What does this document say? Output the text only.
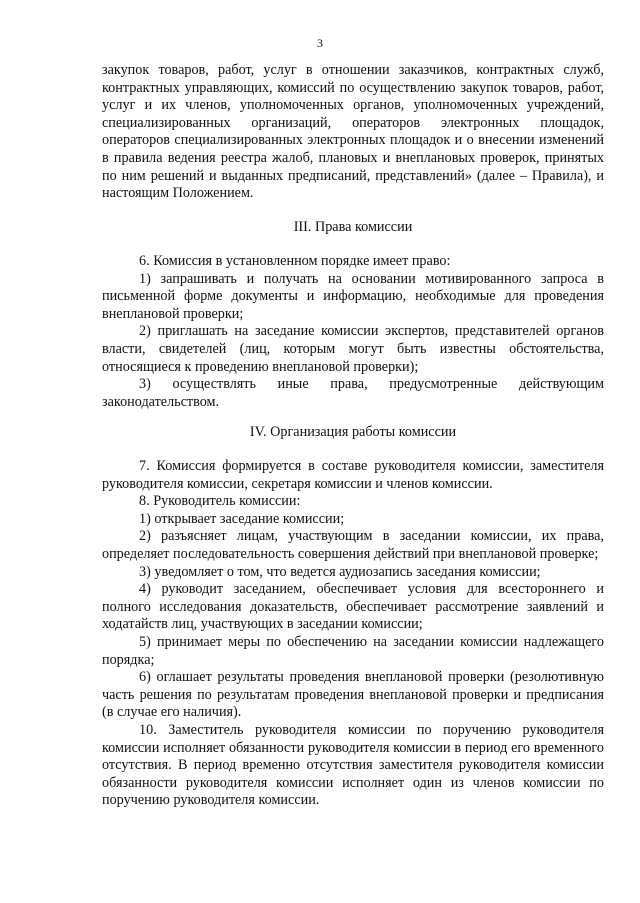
3

закупок товаров, работ, услуг в отношении заказчиков, контрактных служб, контрактных управляющих, комиссий по осуществлению закупок товаров, работ, услуг и их членов, уполномоченных органов, уполномоченных учреждений, специализированных организаций, операторов электронных площадок, операторов специализированных электронных площадок и о внесении изменений в правила ведения реестра жалоб, плановых и внеплановых проверок, принятых по ним решений и выданных предписаний, представлений» (далее – Правила), и настоящим Положением.

III. Права комиссии

6. Комиссия в установленном порядке имеет право:

1) запрашивать и получать на основании мотивированного запроса в письменной форме документы и информацию, необходимые для проведения внеплановой проверки;

2) приглашать на заседание комиссии экспертов, представителей органов власти, свидетелей (лиц, которым могут быть известны обстоятельства, относящиеся к проведению внеплановой проверки);

3) осуществлять иные права, предусмотренные действующим законодательством.

IV. Организация работы комиссии

7. Комиссия формируется в составе руководителя комиссии, заместителя руководителя комиссии, секретаря комиссии и членов комиссии.

8. Руководитель комиссии:

1) открывает заседание комиссии;

2) разъясняет лицам, участвующим в заседании комиссии, их права, определяет последовательность совершения действий при внеплановой проверке;

3) уведомляет о том, что ведется аудиозапись заседания комиссии;

4) руководит заседанием, обеспечивает условия для всестороннего и полного исследования доказательств, обеспечивает рассмотрение заявлений и ходатайств лиц, участвующих в заседании комиссии;

5) принимает меры по обеспечению на заседании комиссии надлежащего порядка;

6) оглашает результаты проведения внеплановой проверки (резолютивную часть решения по результатам проведения внеплановой проверки и предписания (в случае его наличия).

10. Заместитель руководителя комиссии по поручению руководителя комиссии исполняет обязанности руководителя комиссии в период его временного отсутствия. В период временно отсутствия заместителя руководителя комиссии обязанности руководителя комиссии исполняет один из членов комиссии по поручению руководителя комиссии.
